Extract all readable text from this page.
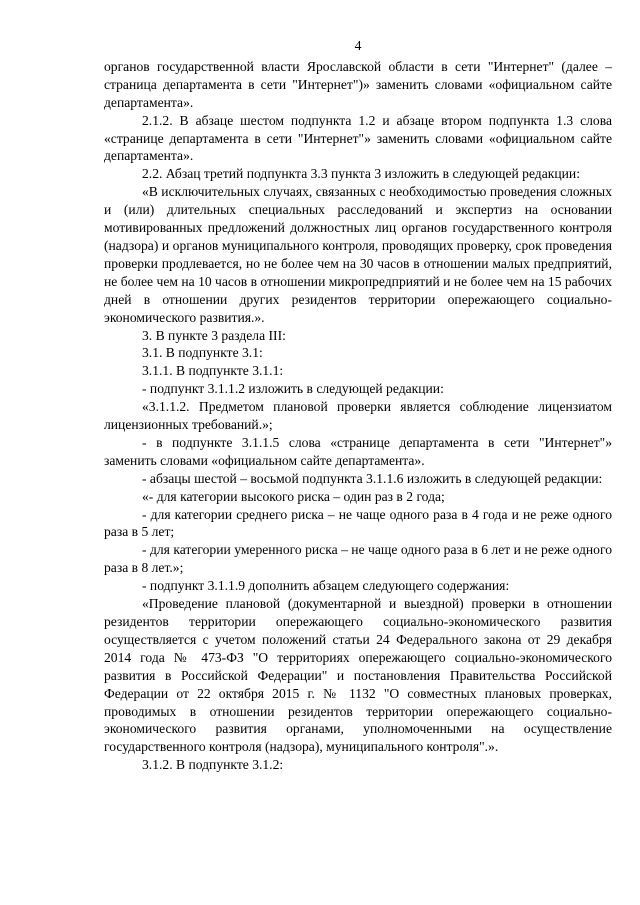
4

органов государственной власти Ярославской области в сети "Интернет" (далее – страница департамента в сети "Интернет")» заменить словами «официальном сайте департамента».

2.1.2. В абзаце шестом подпункта 1.2 и абзаце втором подпункта 1.3 слова «странице департамента в сети "Интернет"» заменить словами «официальном сайте департамента».

2.2. Абзац третий подпункта 3.3 пункта 3 изложить в следующей редакции:

«В исключительных случаях, связанных с необходимостью проведения сложных и (или) длительных специальных расследований и экспертиз на основании мотивированных предложений должностных лиц органов государственного контроля (надзора) и органов муниципального контроля, проводящих проверку, срок проведения проверки продлевается, но не более чем на 30 часов в отношении малых предприятий, не более чем на 10 часов в отношении микропредприятий и не более чем на 15 рабочих дней в отношении других резидентов территории опережающего социально-экономического развития.».

3. В пункте 3 раздела III:

3.1. В подпункте 3.1:

3.1.1. В подпункте 3.1.1:

- подпункт 3.1.1.2 изложить в следующей редакции:

«3.1.1.2. Предметом плановой проверки является соблюдение лицензиатом лицензионных требований.»;

- в подпункте 3.1.1.5 слова «странице департамента в сети "Интернет"» заменить словами «официальном сайте департамента».

- абзацы шестой – восьмой подпункта 3.1.1.6 изложить в следующей редакции:

«- для категории высокого риска – один раз в 2 года;

- для категории среднего риска – не чаще одного раза в 4 года и не реже одного раза в 5 лет;

- для категории умеренного риска – не чаще одного раза в 6 лет и не реже одного раза в 8 лет.»;

- подпункт 3.1.1.9 дополнить абзацем следующего содержания:

«Проведение плановой (документарной и выездной) проверки в отношении резидентов территории опережающего социально-экономического развития осуществляется с учетом положений статьи 24 Федерального закона от 29 декабря 2014 года № 473-ФЗ "О территориях опережающего социально-экономического развития в Российской Федерации" и постановления Правительства Российской Федерации от 22 октября 2015 г. № 1132 "О совместных плановых проверках, проводимых в отношении резидентов территории опережающего социально-экономического развития органами, уполномоченными на осуществление государственного контроля (надзора), муниципального контроля".».

3.1.2. В подпункте 3.1.2:
